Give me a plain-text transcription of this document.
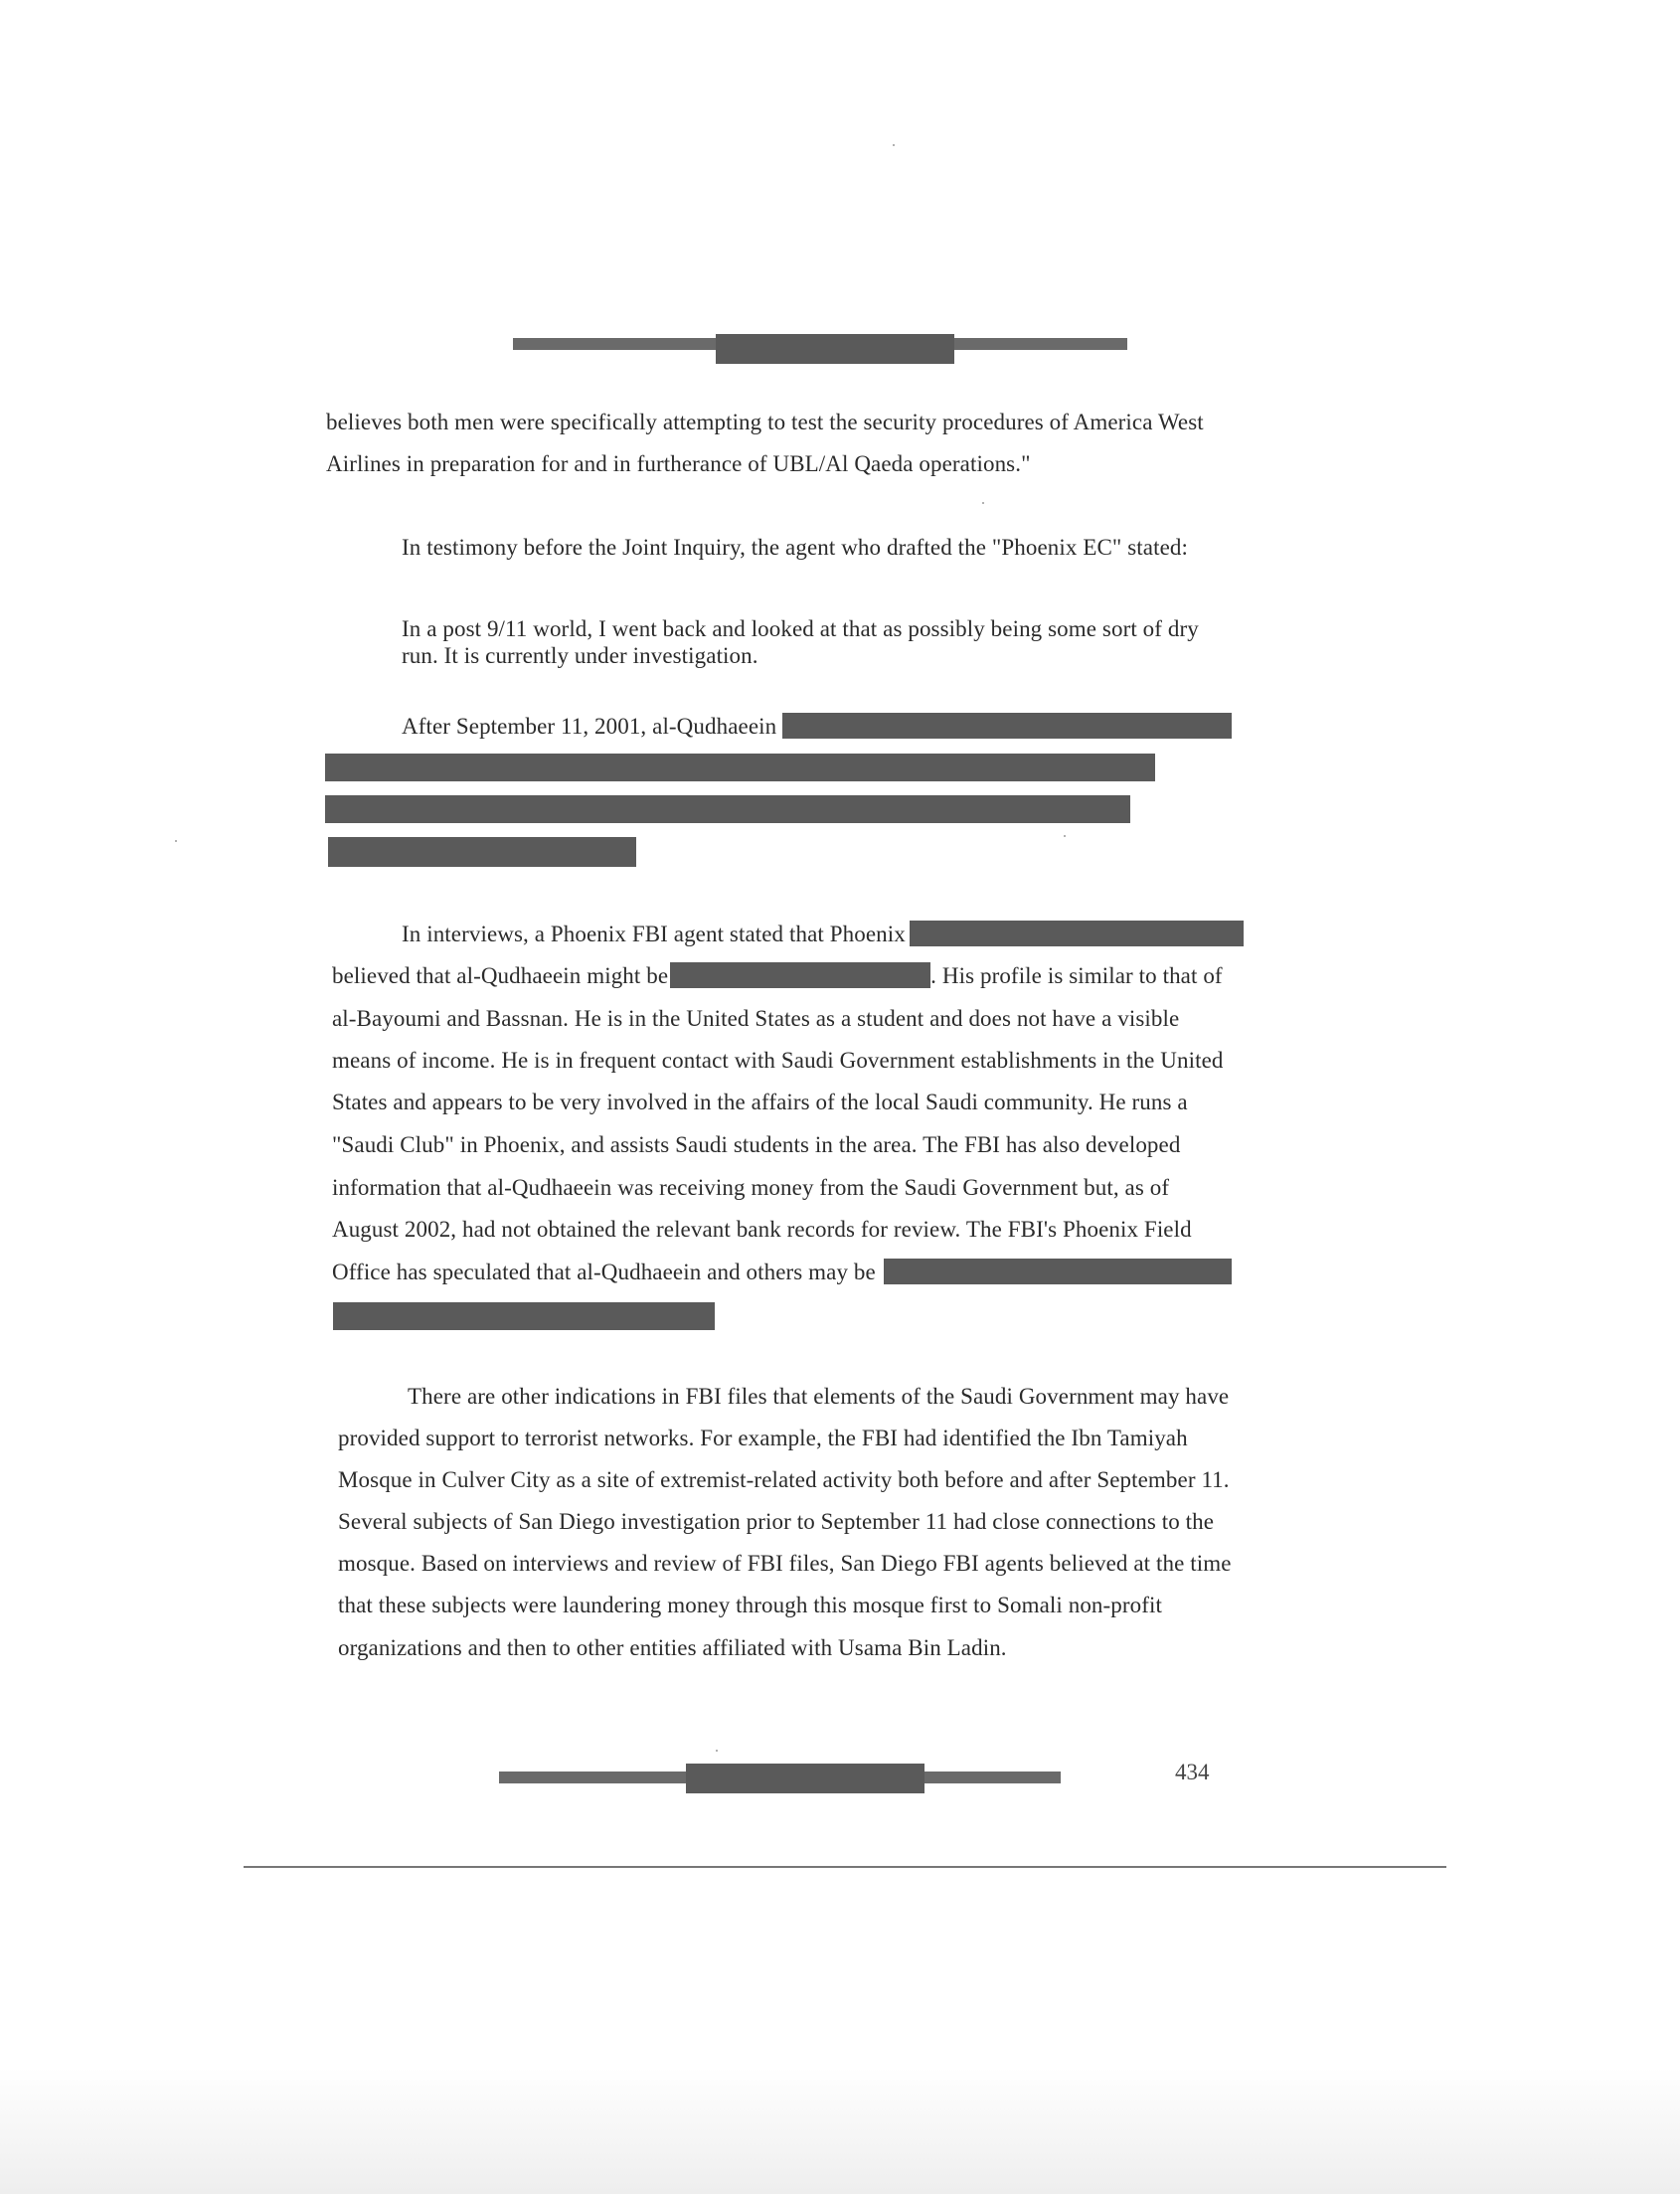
believes both men were specifically attempting to test the security procedures of America West
Airlines in preparation for and in furtherance of UBL/Al Qaeda operations."
In testimony before the Joint Inquiry, the agent who drafted the "Phoenix EC" stated:
In a post 9/11 world, I went back and looked at that as possibly being some sort of dry
run. It is currently under investigation.
After September 11, 2001, al-Qudhaeein
In interviews, a Phoenix FBI agent stated that Phoenix
believed that al-Qudhaeein might be	. His profile is similar to that of
al-Bayoumi and Bassnan. He is in the United States as a student and does not have a visible
means of income. He is in frequent contact with Saudi Government establishments in the United
States and appears to be very involved in the affairs of the local Saudi community. He runs a
"Saudi Club" in Phoenix, and assists Saudi students in the area. The FBI has also developed
information that al-Qudhaeein was receiving money from the Saudi Government but, as of
August 2002, had not obtained the relevant bank records for review. The FBI's Phoenix Field
Office has speculated that al-Qudhaeein and others may be
There are other indications in FBI files that elements of the Saudi Government may have
provided support to terrorist networks. For example, the FBI had identified the Ibn Tamiyah
Mosque in Culver City as a site of extremist-related activity both before and after September 11.
Several subjects of San Diego investigation prior to September 11 had close connections to the
mosque. Based on interviews and review of FBI files, San Diego FBI agents believed at the time
that these subjects were laundering money through this mosque first to Somali non-profit
organizations and then to other entities affiliated with Usama Bin Ladin.
434
